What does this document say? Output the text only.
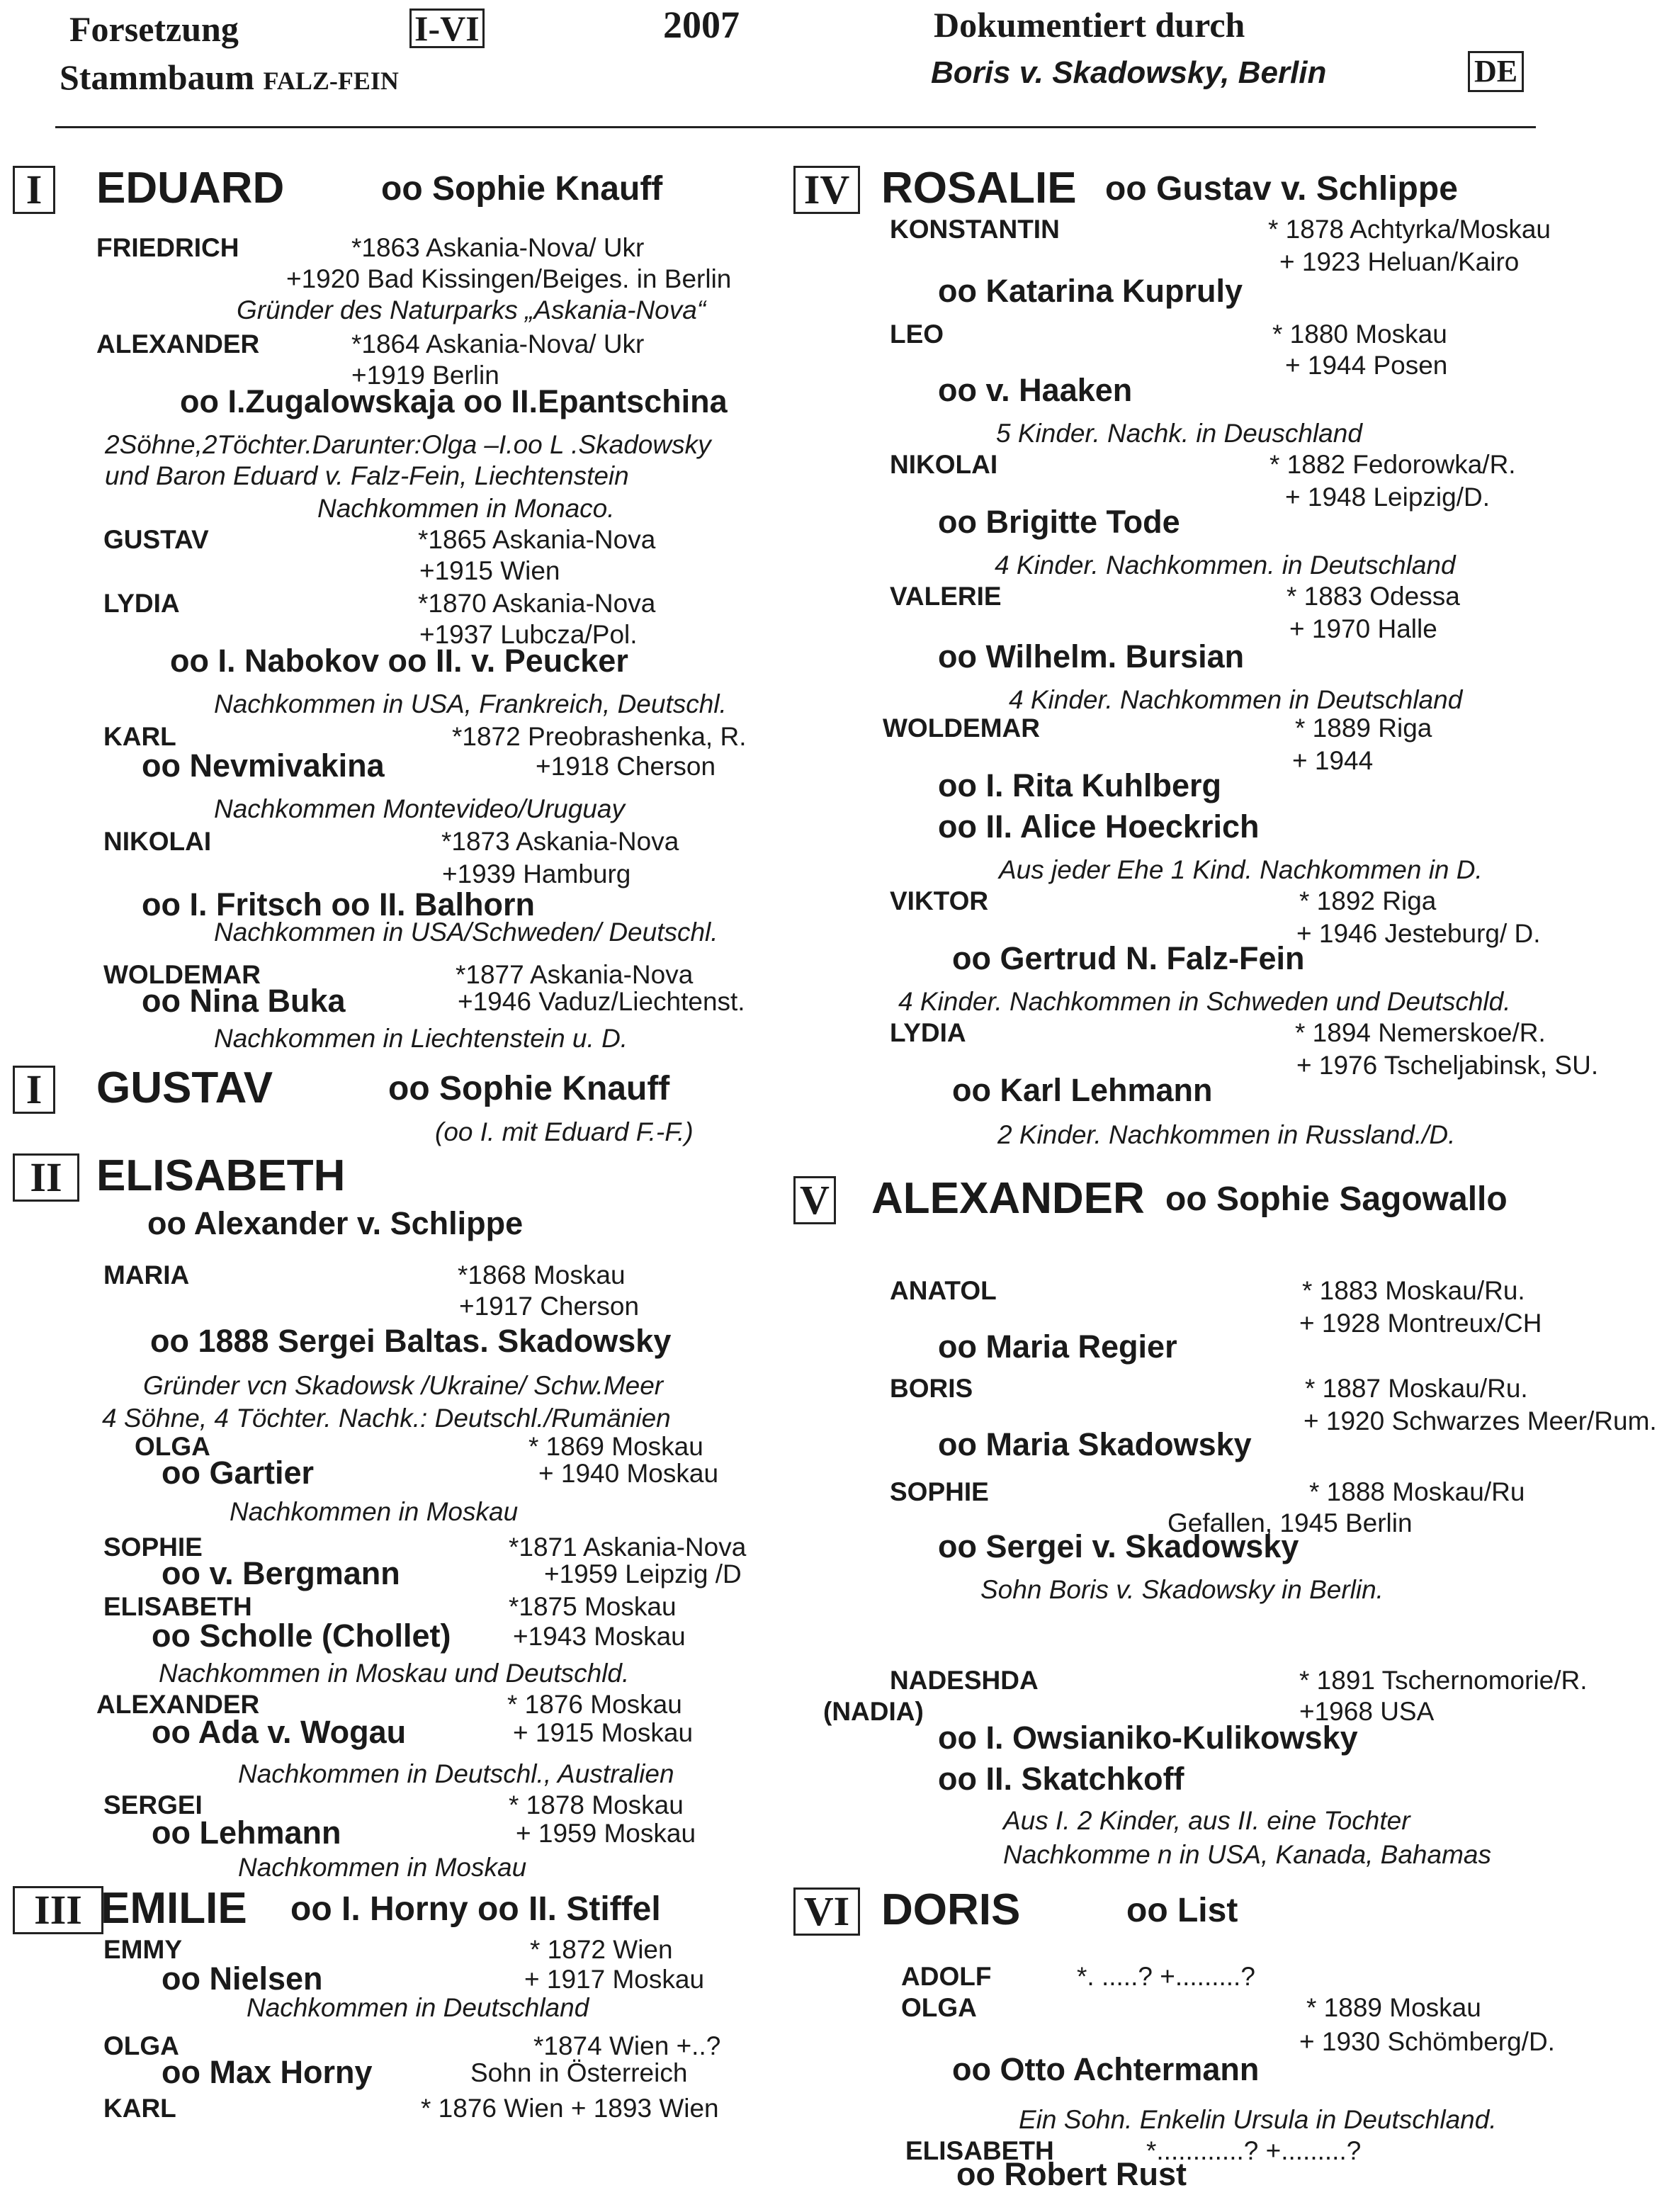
Forsetzung
Stammbaum FALZ-FEIN
I-VI	2007	Dokumentiert durch
Boris v. Skadowsky, Berlin	DE
I	EDUARD	oo Sophie Knauff
FRIEDRICH	*1863 Askania-Nova/ Ukr
+1920 Bad Kissingen/Beiges. in Berlin
Gründer des Naturparks „Askania-Nova“
ALEXANDER	*1864 Askania-Nova/ Ukr
+1919 Berlin
oo I.Zugalowskaja oo II.Epantschina
2Söhne,2Töchter.Darunter:Olga –I.oo L .Skadowsky
und Baron Eduard v. Falz-Fein, Liechtenstein
Nachkommen in Monaco.
GUSTAV	*1865 Askania-Nova
+1915 Wien
LYDIA	*1870 Askania-Nova
+1937 Lubcza/Pol.
oo I. Nabokov oo II. v. Peucker
Nachkommen in USA, Frankreich, Deutschl.
KARL	*1872 Preobrashenka, R.
oo Nevmivakina	+1918 Cherson
Nachkommen Montevideo/Uruguay
NIKOLAI	*1873 Askania-Nova
+1939 Hamburg
oo I. Fritsch oo II. Balhorn
Nachkommen in USA/Schweden/ Deutschl.
WOLDEMAR	*1877 Askania-Nova
oo Nina Buka	+1946 Vaduz/Liechtenst.
Nachkommen in Liechtenstein u. D.
I	GUSTAV	oo Sophie Knauff
(oo I. mit Eduard F.-F.)
II ELISABETH
oo Alexander v. Schlippe
MARIA	*1868 Moskau
+1917 Cherson
oo 1888 Sergei Baltas. Skadowsky
Gründer vcn Skadowsk /Ukraine/ Schw.Meer
4 Söhne, 4 Töchter. Nachk.: Deutschl./Rumänien
OLGA	* 1869 Moskau
oo Gartier	+ 1940 Moskau
Nachkommen in Moskau
SOPHIE	*1871 Askania-Nova
oo v. Bergmann	+1959 Leipzig /D
ELISABETH	*1875 Moskau
oo Scholle (Chollet) +1943 Moskau
Nachkommen in Moskau und Deutschld.
ALEXANDER	* 1876 Moskau
oo Ada v. Wogau	+ 1915 Moskau
Nachkommen in Deutschl., Australien
SERGEI	* 1878 Moskau
oo Lehmann	+ 1959 Moskau
Nachkommen in Moskau
III EMILIE oo I. Horny oo II. Stiffel
EMMY	* 1872 Wien
oo Nielsen	+ 1917 Moskau
Nachkommen in Deutschland
OLGA	*1874 Wien +..?
oo Max Horny	Sohn in Österreich
KARL	* 1876 Wien + 1893 Wien
IV ROSALIE oo Gustav v. Schlippe
KONSTANTIN	* 1878 Achtyrka/Moskau
+ 1923 Heluan/Kairo
oo Katarina Kupruly
LEO	* 1880 Moskau
+ 1944 Posen
oo v. Haaken
5 Kinder. Nachk. in Deuschland
NIKOLAI	* 1882 Fedorowka/R.
+ 1948 Leipzig/D.
oo Brigitte Tode
4 Kinder. Nachkommen. in Deutschland
VALERIE	* 1883 Odessa
+ 1970 Halle
oo Wilhelm. Bursian
4 Kinder. Nachkommen in Deutschland
WOLDEMAR	* 1889 Riga
+ 1944
oo I. Rita Kuhlberg
oo II. Alice Hoeckrich
Aus jeder Ehe 1 Kind. Nachkommen in D.
VIKTOR	* 1892 Riga
+ 1946 Jesteburg/ D.
oo Gertrud N. Falz-Fein
4 Kinder. Nachkommen in Schweden und Deutschld.
LYDIA	* 1894 Nemerskoe/R.
+ 1976 Tscheljabinsk, SU.
oo Karl Lehmann
2 Kinder. Nachkommen in Russland./D.
V ALEXANDER oo Sophie Sagowallo
ANATOL	* 1883 Moskau/Ru.
+ 1928 Montreux/CH
oo Maria Regier
BORIS	* 1887 Moskau/Ru.
+ 1920 Schwarzes Meer/Rum.
oo Maria Skadowsky
SOPHIE	* 1888 Moskau/Ru
Gefallen, 1945 Berlin
oo Sergei v. Skadowsky
Sohn Boris v. Skadowsky in Berlin.
NADESHDA	* 1891 Tschernomorie/R.
(NADIA)	+1968 USA
oo I. Owsianiko-Kulikowsky
oo II. Skatchkoff
Aus I. 2 Kinder, aus II. eine Tochter
Nachkomme n in USA, Kanada, Bahamas
VI DORIS	oo List
ADOLF	*. .....? +.........?
OLGA	* 1889 Moskau
+ 1930 Schömberg/D.
oo Otto Achtermann
Ein Sohn. Enkelin Ursula in Deutschland.
ELISABETH	*............? +.........?
oo Robert Rust
